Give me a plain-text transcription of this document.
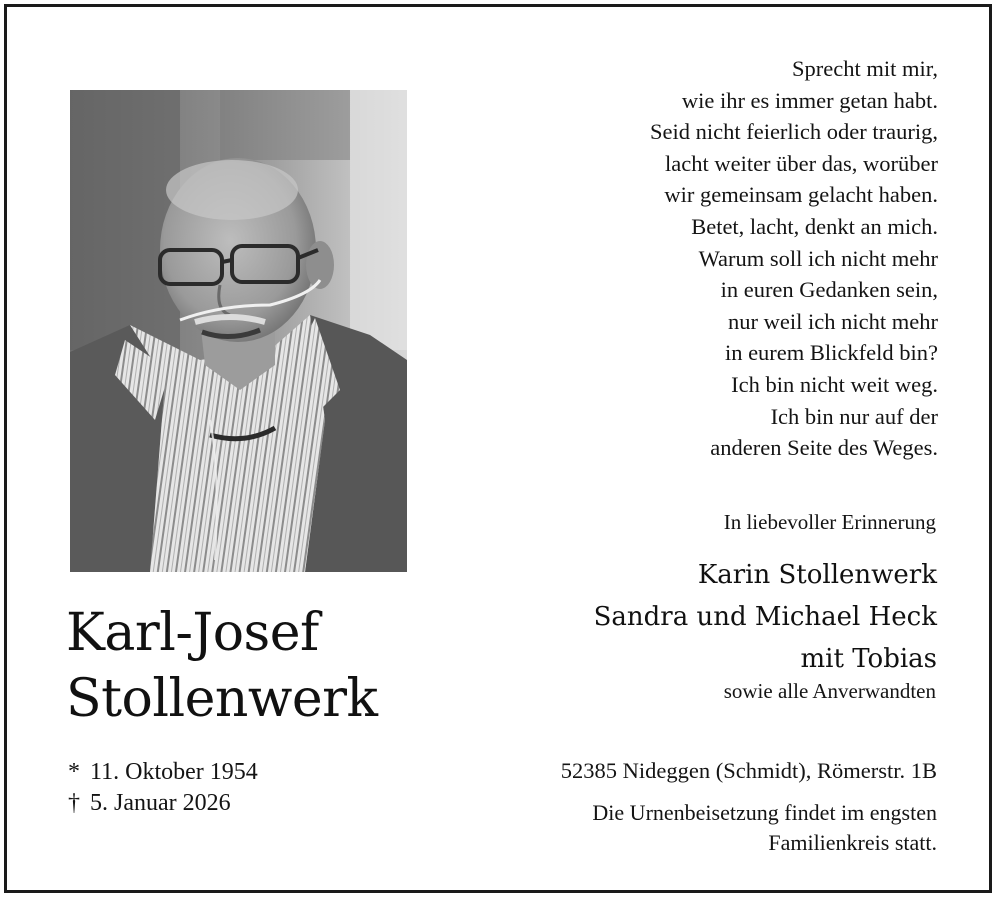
Karl-Josef
Stollenwerk
* 11. Oktober 1954
† 5. Januar 2026
Sprecht mit mir,
wie ihr es immer getan habt.
Seid nicht feierlich oder traurig,
lacht weiter über das, worüber
wir gemeinsam gelacht haben.
Betet, lacht, denkt an mich.
Warum soll ich nicht mehr
in euren Gedanken sein,
nur weil ich nicht mehr
in eurem Blickfeld bin?
Ich bin nicht weit weg.
Ich bin nur auf der
anderen Seite des Weges.
In liebevoller Erinnerung
Karin Stollenwerk
Sandra und Michael Heck
mit Tobias
sowie alle Anverwandten
52385 Nideggen (Schmidt), Römerstr. 1B
Die Urnenbeisetzung findet im engsten
Familienkreis statt.
